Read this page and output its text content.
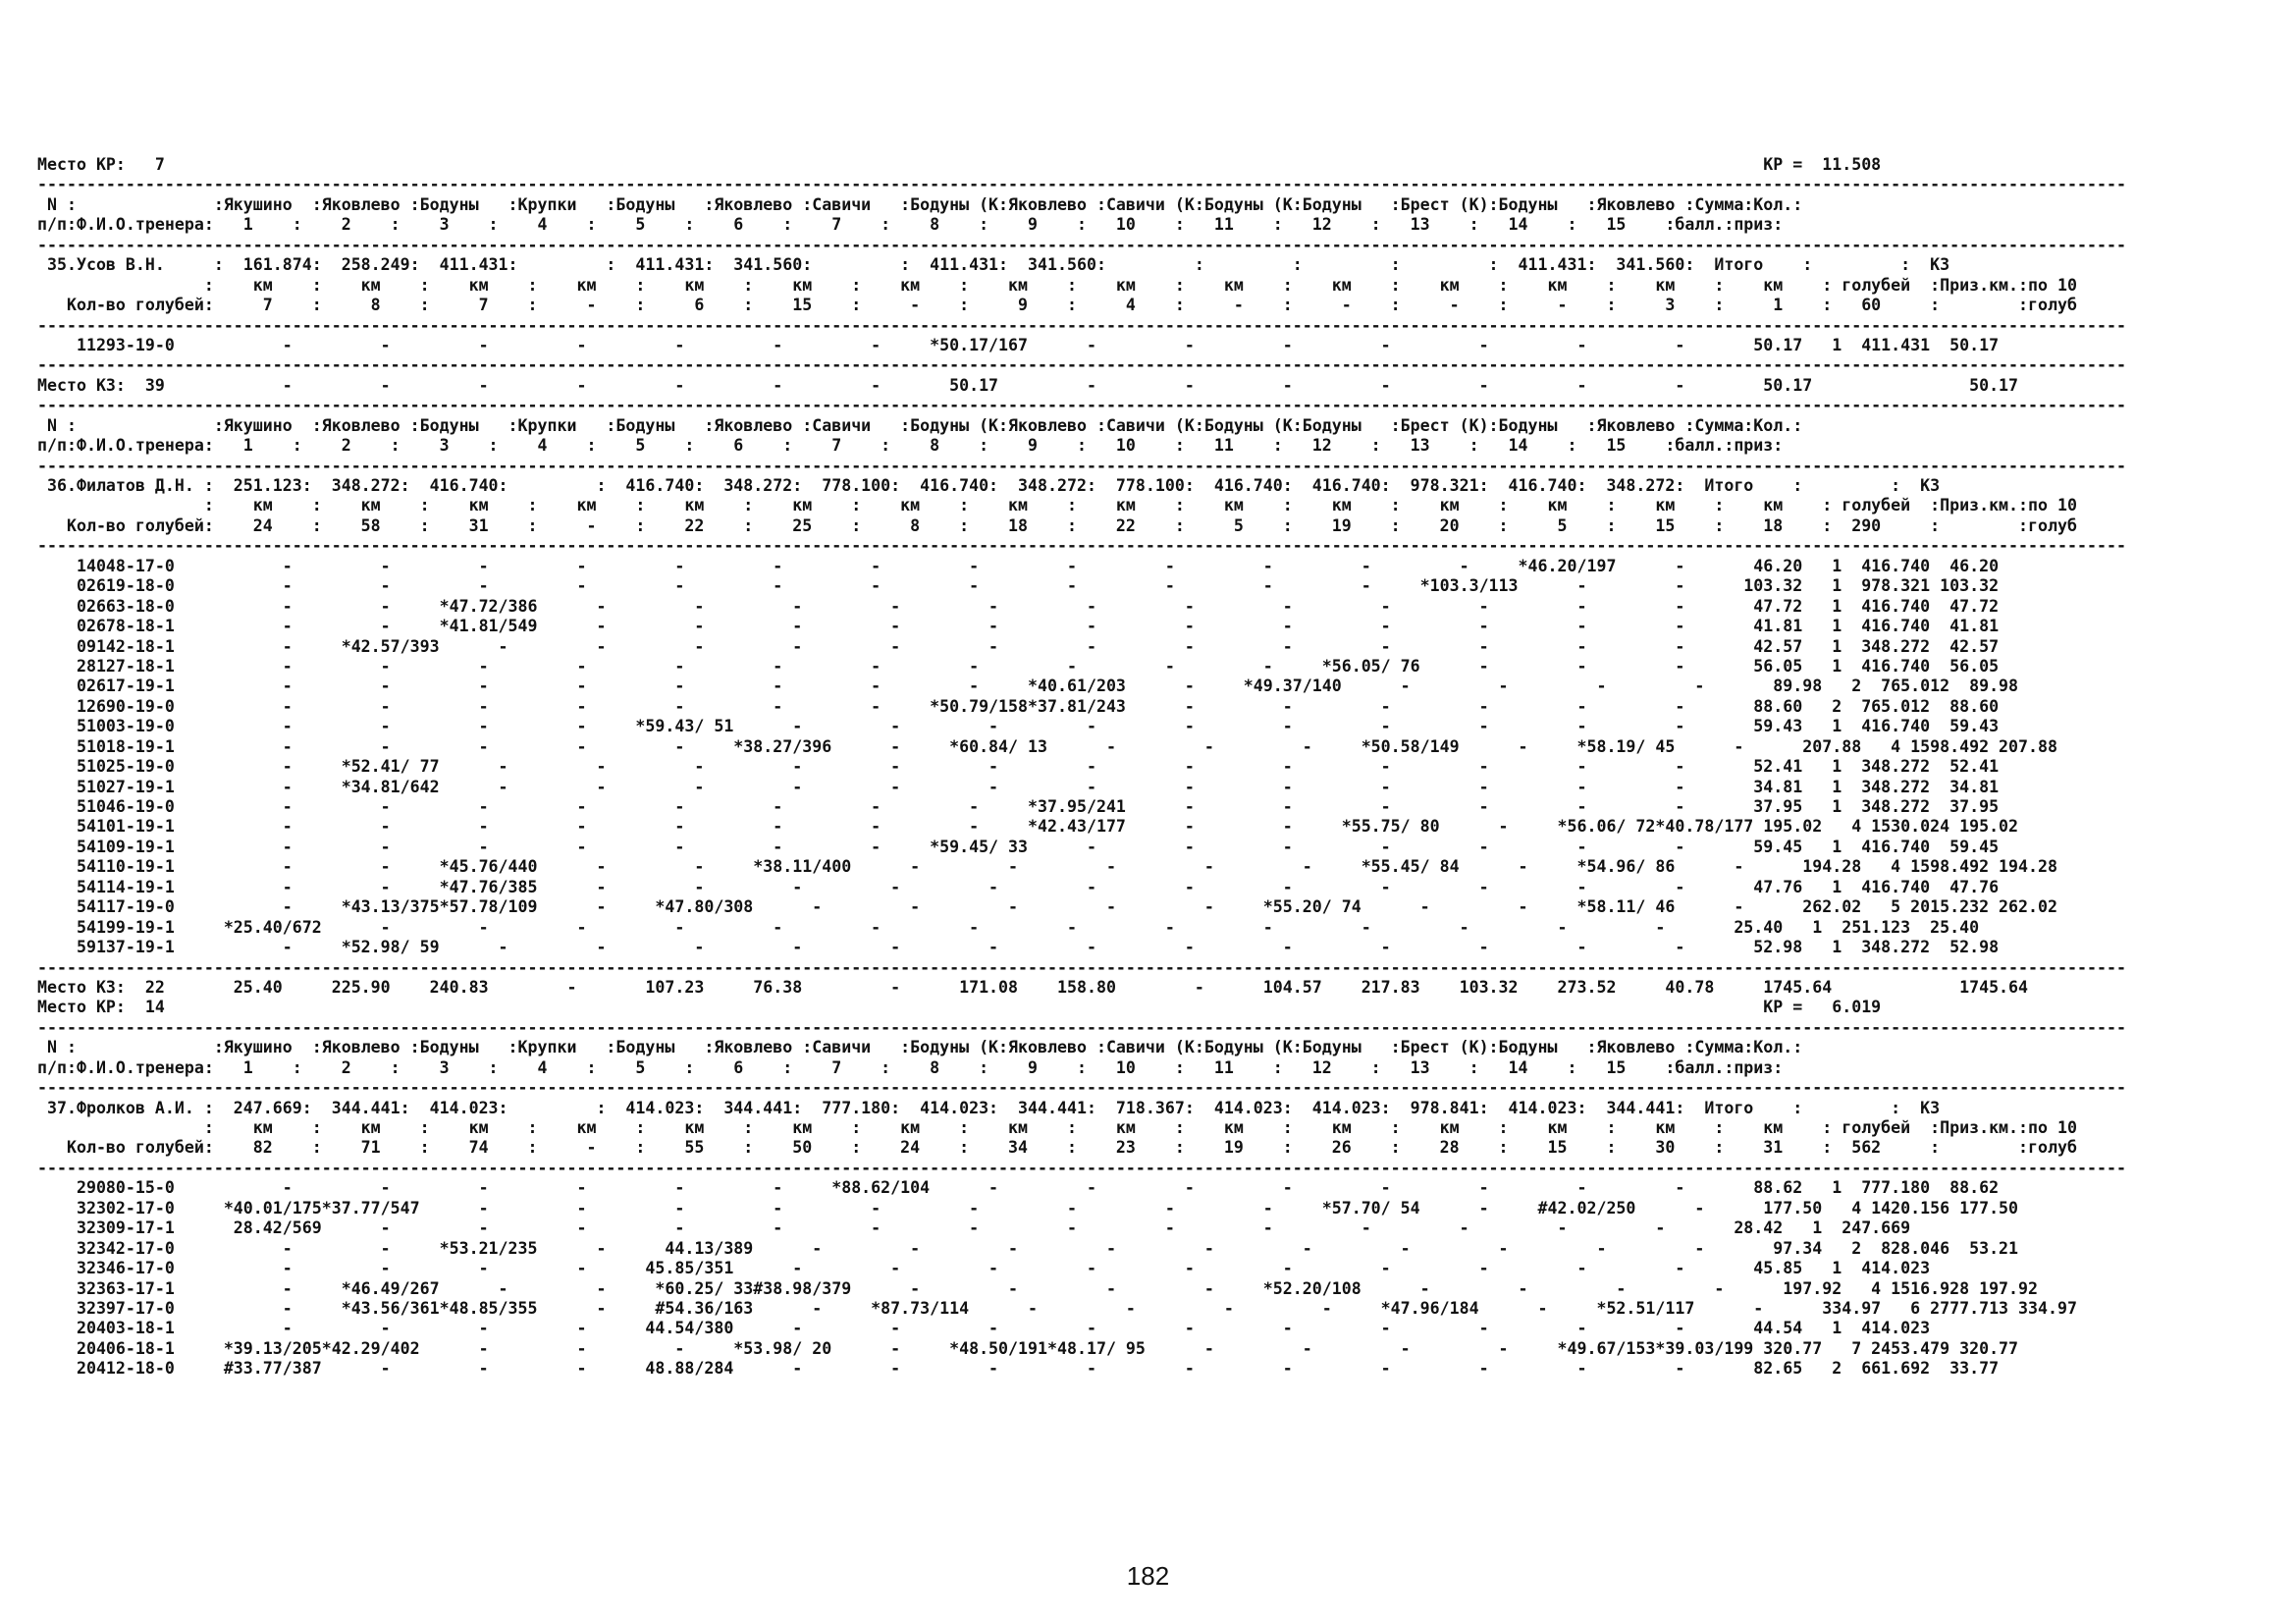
Место КР:   7                                                                                                                                                                   КР =  11.508
---------------------------------------------------------------------------------------------------------------------------------------------------------------------------------------------------------------------
N :              :Якушино  :Яковлево :Бодуны   :Крупки   :Бодуны   :Яковлево :Савичи   :Бодуны (К:Яковлево :Савичи (К:Бодуны (К:Бодуны   :Брест (К):Бодуны   :Яковлево :Сумма:Кол.:
п/п:Ф.И.О.тренера:   1    :    2    :    3    :    4    :    5    :    6    :    7    :    8    :    9    :   10    :   11    :   12    :   13    :   14    :   15    :балл.:приз:
---------------------------------------------------------------------------------------------------------------------------------------------------------------------------------------------------------------------
35.Усов В.Н.     :  161.874:  258.249:  411.431:         :  411.431:  341.560:         :  411.431:  341.560:         :         :         :         :  411.431:  341.560:  Итого    :         :  КЗ
:    км    :    км    :    км    :    км    :    км    :    км    :    км    :    км    :    км    :    км    :    км    :    км    :    км    :    км    :    км    : голубей  :Приз.км.:по 10
Кол-во голубей:     7    :     8    :     7    :     -    :     6    :    15    :     -    :     9    :     4    :     -    :     -    :     -    :     -    :     3    :     1    :   60     :        :голуб
---------------------------------------------------------------------------------------------------------------------------------------------------------------------------------------------------------------------
11293-19-0           -         -         -         -         -         -         -     *50.17/167      -         -         -         -         -         -         -       50.17   1  411.431  50.17
---------------------------------------------------------------------------------------------------------------------------------------------------------------------------------------------------------------------
Место КЗ:  39            -         -         -         -         -         -         -       50.17         -         -         -         -         -         -         -        50.17                50.17
---------------------------------------------------------------------------------------------------------------------------------------------------------------------------------------------------------------------
N :              :Якушино  :Яковлево :Бодуны   :Крупки   :Бодуны   :Яковлево :Савичи   :Бодуны (К:Яковлево :Савичи (К:Бодуны (К:Бодуны   :Брест (К):Бодуны   :Яковлево :Сумма:Кол.:
п/п:Ф.И.О.тренера:   1    :    2    :    3    :    4    :    5    :    6    :    7    :    8    :    9    :   10    :   11    :   12    :   13    :   14    :   15    :балл.:приз:
---------------------------------------------------------------------------------------------------------------------------------------------------------------------------------------------------------------------
36.Филатов Д.Н. :  251.123:  348.272:  416.740:         :  416.740:  348.272:  778.100:  416.740:  348.272:  778.100:  416.740:  416.740:  978.321:  416.740:  348.272:  Итого    :         :  КЗ
:    км    :    км    :    км    :    км    :    км    :    км    :    км    :    км    :    км    :    км    :    км    :    км    :    км    :    км    :    км    : голубей  :Приз.км.:по 10
Кол-во голубей:    24    :    58    :    31    :     -    :    22    :    25    :     8    :    18    :    22    :     5    :    19    :    20    :     5    :    15    :    18    :  290     :        :голуб
---------------------------------------------------------------------------------------------------------------------------------------------------------------------------------------------------------------------
14048-17-0           -         -         -         -         -         -         -         -         -         -         -         -         -     *46.20/197      -       46.20   1  416.740  46.20
02619-18-0           -         -         -         -         -         -         -         -         -         -         -         -     *103.3/113      -         -      103.32   1  978.321 103.32
02663-18-0           -         -     *47.72/386      -         -         -         -         -         -         -         -         -         -         -         -       47.72   1  416.740  47.72
02678-18-1           -         -     *41.81/549      -         -         -         -         -         -         -         -         -         -         -         -       41.81   1  416.740  41.81
09142-18-1           -     *42.57/393      -         -         -         -         -         -         -         -         -         -         -         -         -       42.57   1  348.272  42.57
28127-18-1           -         -         -         -         -         -         -         -         -         -         -     *56.05/ 76      -         -         -       56.05   1  416.740  56.05
02617-19-1           -         -         -         -         -         -         -         -     *40.61/203      -     *49.37/140      -         -         -         -       89.98   2  765.012  89.98
12690-19-0           -         -         -         -         -         -         -     *50.79/158*37.81/243      -         -         -         -         -         -       88.60   2  765.012  88.60
51003-19-0           -         -         -         -     *59.43/ 51      -         -         -         -         -         -         -         -         -         -       59.43   1  416.740  59.43
51018-19-1           -         -         -         -         -     *38.27/396      -     *60.84/ 13      -         -         -     *50.58/149      -     *58.19/ 45      -      207.88   4 1598.492 207.88
51025-19-0           -     *52.41/ 77      -         -         -         -         -         -         -         -         -         -         -         -         -       52.41   1  348.272  52.41
51027-19-1           -     *34.81/642      -         -         -         -         -         -         -         -         -         -         -         -         -       34.81   1  348.272  34.81
51046-19-0           -         -         -         -         -         -         -         -     *37.95/241      -         -         -         -         -         -       37.95   1  348.272  37.95
54101-19-1           -         -         -         -         -         -         -         -     *42.43/177      -         -     *55.75/ 80      -     *56.06/ 72*40.78/177 195.02   4 1530.024 195.02
54109-19-1           -         -         -         -         -         -         -     *59.45/ 33      -         -         -         -         -         -         -       59.45   1  416.740  59.45
54110-19-1           -         -     *45.76/440      -         -     *38.11/400      -         -         -         -         -     *55.45/ 84      -     *54.96/ 86      -      194.28   4 1598.492 194.28
54114-19-1           -         -     *47.76/385      -         -         -         -         -         -         -         -         -         -         -         -       47.76   1  416.740  47.76
54117-19-0           -     *43.13/375*57.78/109      -     *47.80/308      -         -         -         -         -     *55.20/ 74      -         -     *58.11/ 46      -      262.02   5 2015.232 262.02
54199-19-1     *25.40/672      -         -         -         -         -         -         -         -         -         -         -         -         -         -       25.40   1  251.123  25.40
59137-19-1           -     *52.98/ 59      -         -         -         -         -         -         -         -         -         -         -         -         -       52.98   1  348.272  52.98
---------------------------------------------------------------------------------------------------------------------------------------------------------------------------------------------------------------------
Место КЗ:  22       25.40     225.90    240.83        -       107.23     76.38         -      171.08    158.80        -      104.57    217.83    103.32    273.52     40.78     1745.64             1745.64
Место КР:  14                                                                                                                                                                   КР =   6.019
---------------------------------------------------------------------------------------------------------------------------------------------------------------------------------------------------------------------
N :              :Якушино  :Яковлево :Бодуны   :Крупки   :Бодуны   :Яковлево :Савичи   :Бодуны (К:Яковлево :Савичи (К:Бодуны (К:Бодуны   :Брест (К):Бодуны   :Яковлево :Сумма:Кол.:
п/п:Ф.И.О.тренера:   1    :    2    :    3    :    4    :    5    :    6    :    7    :    8    :    9    :   10    :   11    :   12    :   13    :   14    :   15    :балл.:приз:
---------------------------------------------------------------------------------------------------------------------------------------------------------------------------------------------------------------------
37.Фролков А.И. :  247.669:  344.441:  414.023:         :  414.023:  344.441:  777.180:  414.023:  344.441:  718.367:  414.023:  414.023:  978.841:  414.023:  344.441:  Итого    :         :  КЗ
:    км    :    км    :    км    :    км    :    км    :    км    :    км    :    км    :    км    :    км    :    км    :    км    :    км    :    км    :    км    : голубей  :Приз.км.:по 10
Кол-во голубей:    82    :    71    :    74    :     -    :    55    :    50    :    24    :    34    :    23    :    19    :    26    :    28    :    15    :    30    :    31    :  562     :        :голуб
---------------------------------------------------------------------------------------------------------------------------------------------------------------------------------------------------------------------
29080-15-0           -         -         -         -         -         -     *88.62/104      -         -         -         -         -         -         -         -       88.62   1  777.180  88.62
32302-17-0     *40.01/175*37.77/547      -         -         -         -         -         -         -         -         -     *57.70/ 54      -     #42.02/250      -      177.50   4 1420.156 177.50
32309-17-1      28.42/569      -         -         -         -         -         -         -         -         -         -         -         -         -         -       28.42   1  247.669
32342-17-0           -         -     *53.21/235      -      44.13/389      -         -         -         -         -         -         -         -         -         -       97.34   2  828.046  53.21
32346-17-0           -         -         -         -      45.85/351      -         -         -         -         -         -         -         -         -         -       45.85   1  414.023
32363-17-1           -     *46.49/267      -         -     *60.25/ 33#38.98/379      -         -         -         -     *52.20/108      -         -         -         -      197.92   4 1516.928 197.92
32397-17-0           -     *43.56/361*48.85/355      -     #54.36/163      -     *87.73/114      -         -         -         -     *47.96/184      -     *52.51/117      -      334.97   6 2777.713 334.97
20403-18-1           -         -         -         -      44.54/380      -         -         -         -         -         -         -         -         -         -       44.54   1  414.023
20406-18-1     *39.13/205*42.29/402      -         -         -     *53.98/ 20      -     *48.50/191*48.17/ 95      -         -         -         -     *49.67/153*39.03/199 320.77   7 2453.479 320.77
20412-18-0     #33.77/387      -         -         -      48.88/284      -         -         -         -         -         -         -         -         -         -       82.65   2  661.692  33.77
182
